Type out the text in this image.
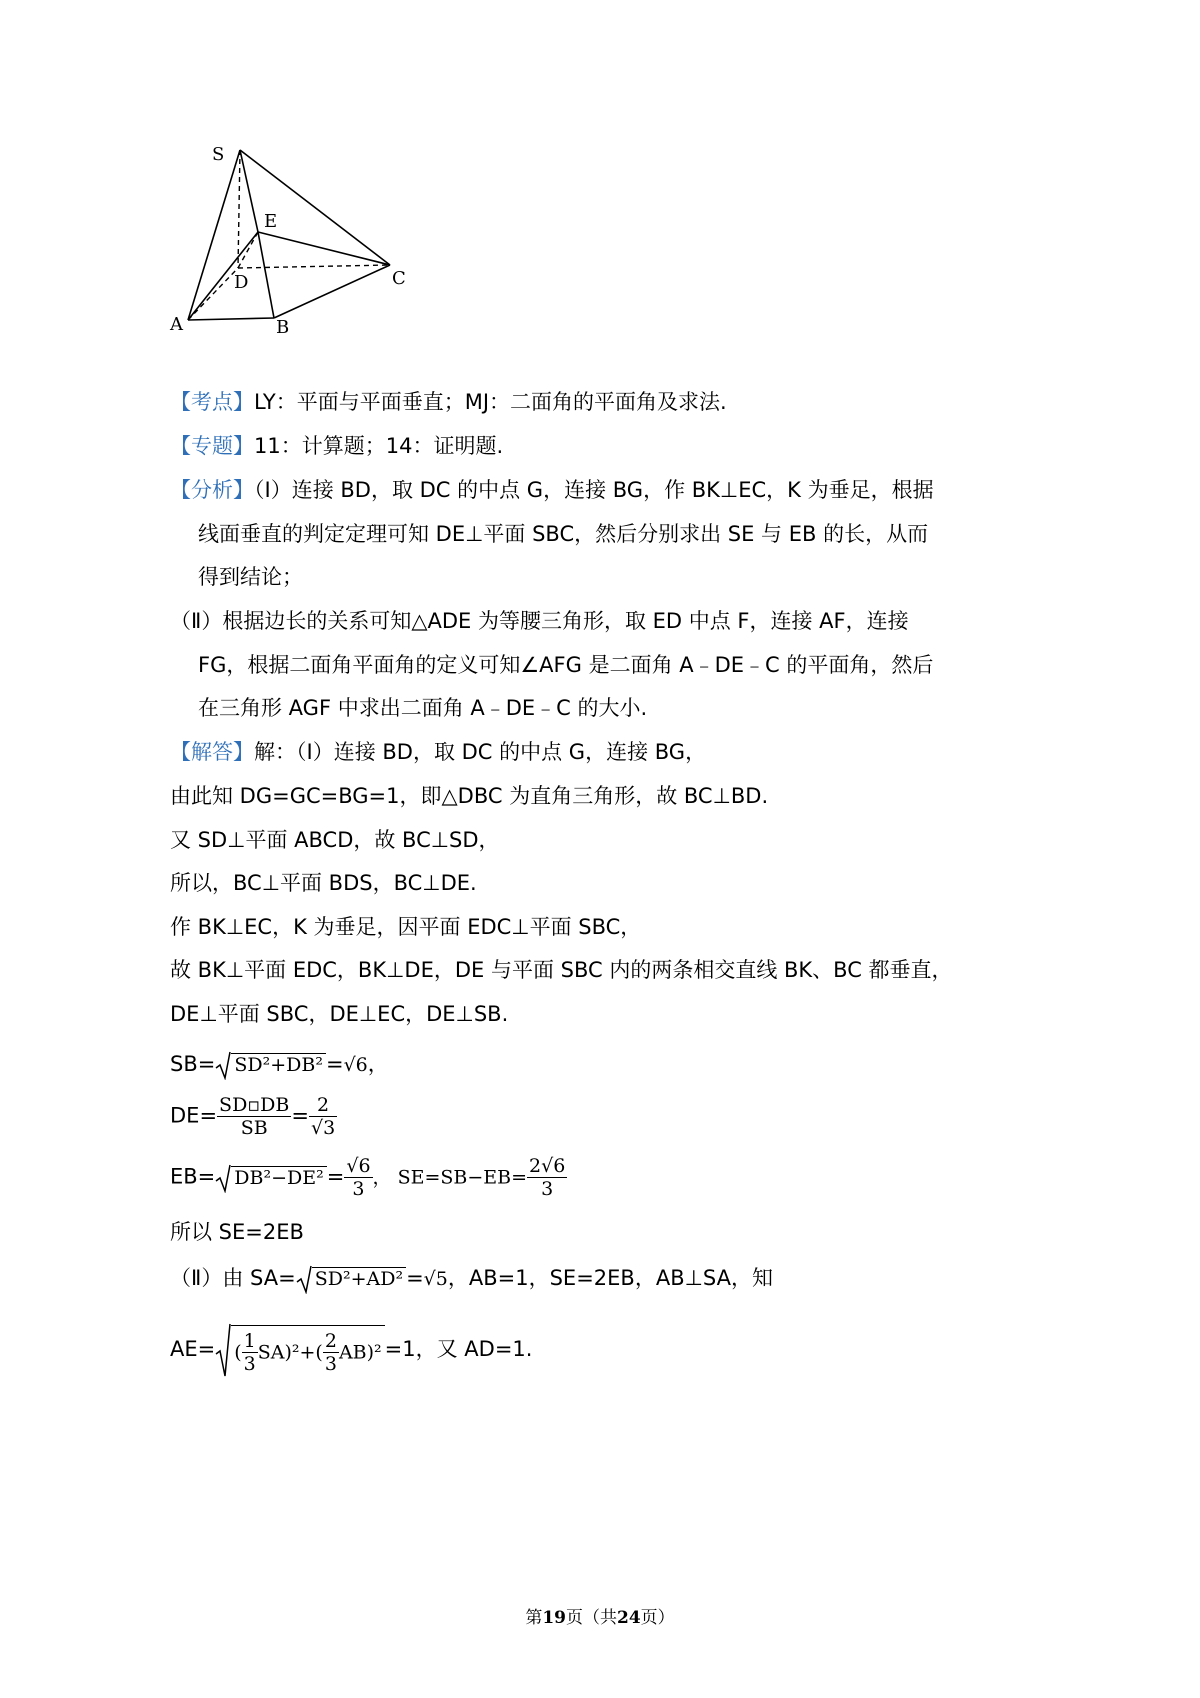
S
E
D	C
A	B
【考点】LY：平面与平面垂直；MJ：二面角的平面角及求法.
【专题】11：计算题；14：证明题.
【分析】（Ⅰ）连接 BD，取 DC 的中点 G，连接 BG，作 BK⊥EC，K 为垂足，根据
线面垂直的判定定理可知 DE⊥平面 SBC，然后分别求出 SE 与 EB 的长，从而
得到结论；
（Ⅱ）根据边长的关系可知△ADE 为等腰三角形，取 ED 中点 F，连接 AF，连接
FG，根据二面角平面角的定义可知∠AFG 是二面角 A﹣DE﹣C 的平面角，然后
在三角形 AGF 中求出二面角 A﹣DE﹣C 的大小.
【解答】解：（Ⅰ）连接 BD，取 DC 的中点 G，连接 BG，
由此知 DG=GC=BG=1，即△DBC 为直角三角形，故 BC⊥BD.
又 SD⊥平面 ABCD，故 BC⊥SD，
所以，BC⊥平面 BDS，BC⊥DE.
作 BK⊥EC，K 为垂足，因平面 EDC⊥平面 SBC，
故 BK⊥平面 EDC，BK⊥DE，DE 与平面 SBC 内的两条相交直线 BK、BC 都垂直，
DE⊥平面 SBC，DE⊥EC，DE⊥SB.
SB= SD²+DB² =√6，
$DE= \frac{SD▫DB}{SB} = \frac{2}{√3}$
$EB= DB^2-DE^2 = \frac{√6}{3}$ ， $SE=SB-EB= \frac{2√6}{3}$
所以 SE=2EB
（Ⅱ）由 SA= SD²+AD² =√5，AB=1，SE=2EB，AB⊥SA，知
AE= ( $\frac{1}{3} SA)^2+( \frac{2}{3} AB)^2 =1$，又 AD=1.
第19页（共24页）
